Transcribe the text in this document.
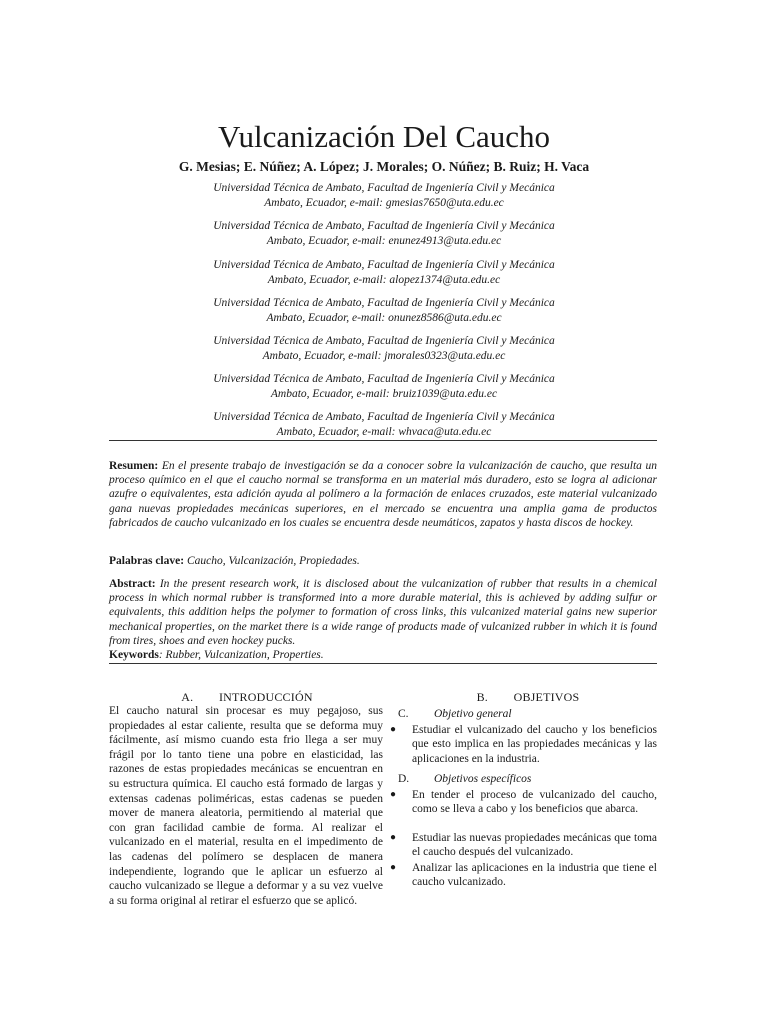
Vulcanización Del Caucho
G. Mesias; E. Núñez; A. López; J. Morales; O. Núñez; B. Ruiz; H. Vaca
Universidad Técnica de Ambato, Facultad de Ingeniería Civil y Mecánica
Ambato, Ecuador, e-mail: gmesias7650@uta.edu.ec
Universidad Técnica de Ambato, Facultad de Ingeniería Civil y Mecánica
Ambato, Ecuador, e-mail: enunez4913@uta.edu.ec
Universidad Técnica de Ambato, Facultad de Ingeniería Civil y Mecánica
Ambato, Ecuador, e-mail: alopez1374@uta.edu.ec
Universidad Técnica de Ambato, Facultad de Ingeniería Civil y Mecánica
Ambato, Ecuador, e-mail: onunez8586@uta.edu.ec
Universidad Técnica de Ambato, Facultad de Ingeniería Civil y Mecánica
Ambato, Ecuador, e-mail: jmorales0323@uta.edu.ec
Universidad Técnica de Ambato, Facultad de Ingeniería Civil y Mecánica
Ambato, Ecuador, e-mail: bruiz1039@uta.edu.ec
Universidad Técnica de Ambato, Facultad de Ingeniería Civil y Mecánica
Ambato, Ecuador, e-mail: whvaca@uta.edu.ec
Resumen: En el presente trabajo de investigación se da a conocer sobre la vulcanización de caucho, que resulta un proceso químico en el que el caucho normal se transforma en un material más duradero, esto se logra al adicionar azufre o equivalentes, esta adición ayuda al polímero a la formación de enlaces cruzados, este material vulcanizado gana nuevas propiedades mecánicas superiores, en el mercado se encuentra una amplia gama de productos fabricados de caucho vulcanizado en los cuales se encuentra desde neumáticos, zapatos y hasta discos de hockey.
Palabras clave: Caucho, Vulcanización, Propiedades.
Abstract: In the present research work, it is disclosed about the vulcanization of rubber that results in a chemical process in which normal rubber is transformed into a more durable material, this is achieved by adding sulfur or equivalents, this addition helps the polymer to formation of cross links, this vulcanized material gains new superior mechanical properties, on the market there is a wide range of products made of vulcanized rubber in which it is found from tires, shoes and even hockey pucks.
Keywords: Rubber, Vulcanization, Properties.
A.        INTRODUCCIÓN
El caucho natural sin procesar es muy pegajoso, sus propiedades al estar caliente, resulta que se deforma muy fácilmente, así mismo cuando esta frio llega a ser muy frágil por lo tanto tiene una pobre en elasticidad, las razones de estas propiedades mecánicas se encuentran en su estructura química. El caucho está formado de largas y extensas cadenas poliméricas, estas cadenas se pueden mover de manera aleatoria, permitiendo al material que con gran facilidad cambie de forma. Al realizar el vulcanizado en el material, resulta en el impedimento de las cadenas del polímero se desplacen de manera independiente, logrando que le aplicar un esfuerzo al caucho vulcanizado se llegue a deformar y a su vez vuelve a su forma original al retirar el esfuerzo que se aplicó.
B.        OBJETIVOS
C. Objetivo general
● Estudiar el vulcanizado del caucho y los beneficios que esto implica en las propiedades mecánicas y las aplicaciones en la industria.
D. Objetivos específicos
● En tender el proceso de vulcanizado del caucho, como se lleva a cabo y los beneficios que abarca.
● Estudiar las nuevas propiedades mecánicas que toma el caucho después del vulcanizado.
● Analizar las aplicaciones en la industria que tiene el caucho vulcanizado.
